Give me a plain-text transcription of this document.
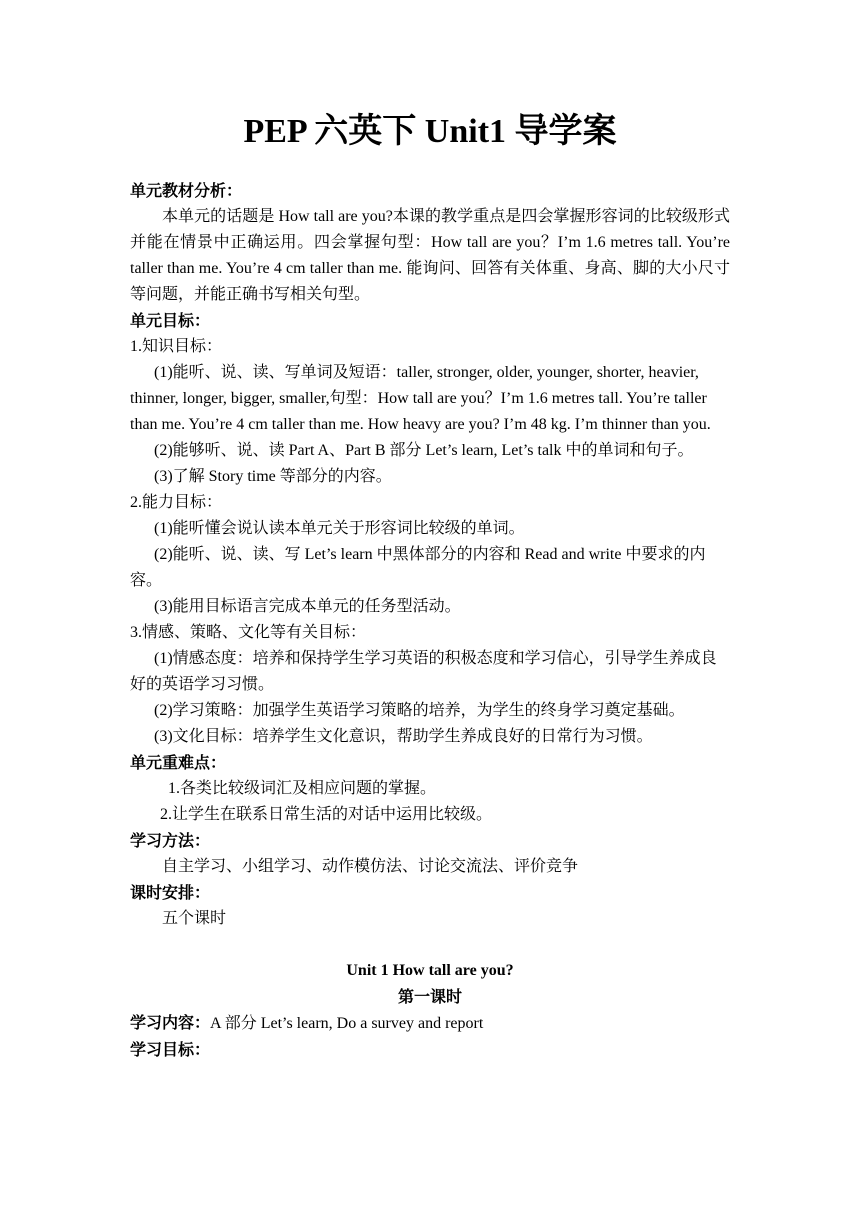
PEP 六英下 Unit1 导学案

单元教材分析：

本单元的话题是 How tall are you?本课的教学重点是四会掌握形容词的比较级形式并能在情景中正确运用。四会掌握句型：How tall are you？I’m 1.6 metres tall. You’re taller than me. You’re 4 cm taller than me. 能询问、回答有关体重、身高、脚的大小尺寸等问题，并能正确书写相关句型。

单元目标：

1.知识目标：

(1)能听、说、读、写单词及短语：taller, stronger, older, younger, shorter, heavier, thinner, longer, bigger, smaller,句型：How tall are you？I’m 1.6 metres tall. You’re taller than me. You’re 4 cm taller than me. How heavy are you? I’m 48 kg. I’m thinner than you.

(2)能够听、说、读 Part A、Part B 部分 Let’s learn, Let’s talk 中的单词和句子。

(3)了解 Story time 等部分的内容。

2.能力目标：

(1)能听懂会说认读本单元关于形容词比较级的单词。

(2)能听、说、读、写 Let’s learn 中黑体部分的内容和 Read and write 中要求的内容。

(3)能用目标语言完成本单元的任务型活动。

3.情感、策略、文化等有关目标：

(1)情感态度：培养和保持学生学习英语的积极态度和学习信心，引导学生养成良好的英语学习习惯。

(2)学习策略：加强学生英语学习策略的培养，为学生的终身学习奠定基础。

(3)文化目标：培养学生文化意识，帮助学生养成良好的日常行为习惯。

单元重难点：

1.各类比较级词汇及相应问题的掌握。

2.让学生在联系日常生活的对话中运用比较级。

学习方法：

自主学习、小组学习、动作模仿法、讨论交流法、评价竞争

课时安排：

五个课时

Unit 1 How tall are you?

第一课时

学习内容：A 部分 Let’s learn, Do a survey and report

学习目标：
